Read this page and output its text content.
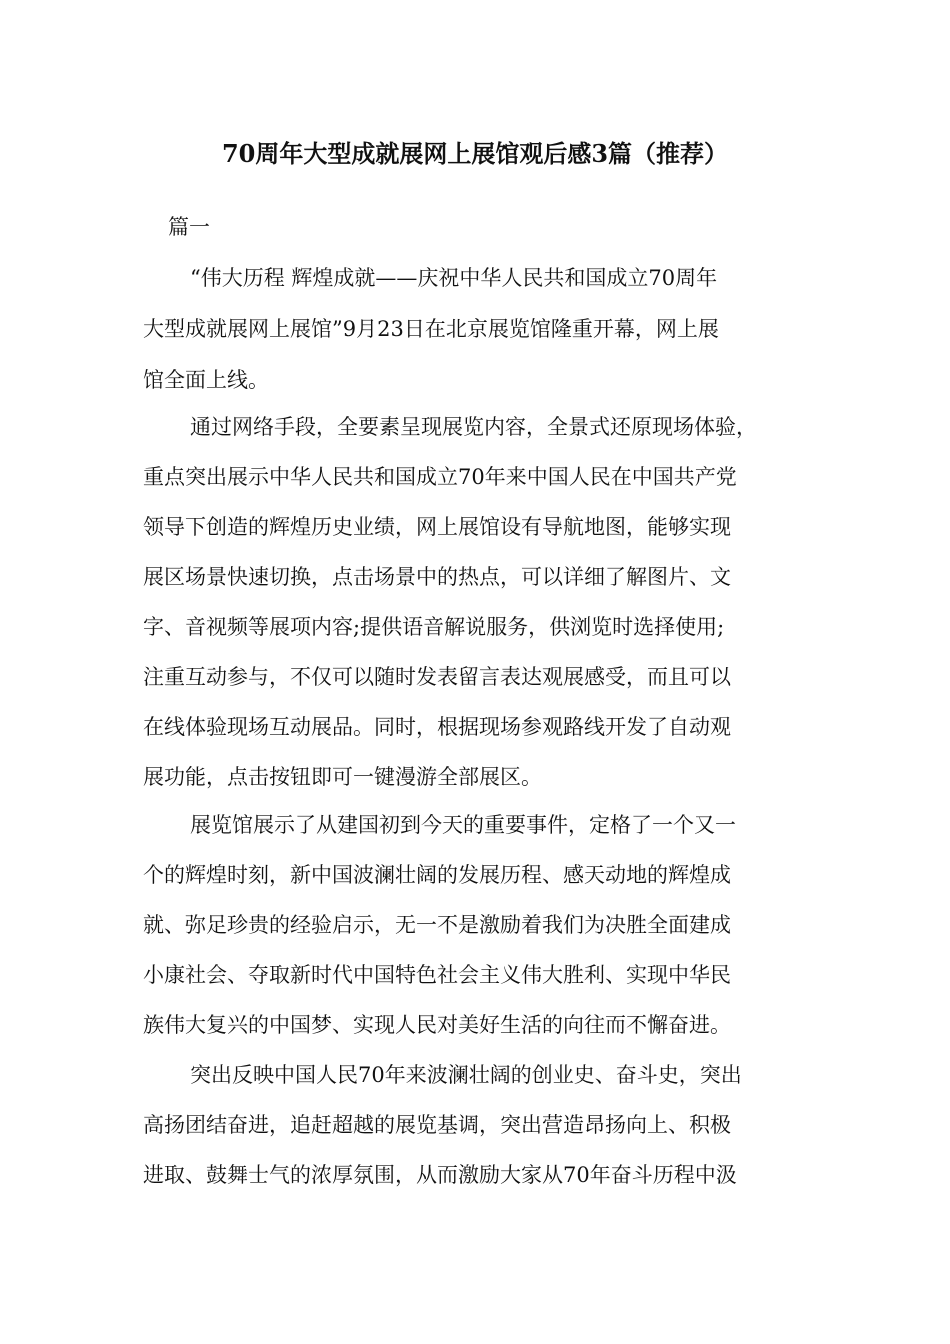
70周年大型成就展网上展馆观后感3篇（推荐）
篇一
“伟大历程 辉煌成就——庆祝中华人民共和国成立70周年
大型成就展网上展馆”9月23日在北京展览馆隆重开幕，网上展
馆全面上线。
通过网络手段，全要素呈现展览内容，全景式还原现场体验，
重点突出展示中华人民共和国成立70年来中国人民在中国共产党
领导下创造的辉煌历史业绩，网上展馆设有导航地图，能够实现
展区场景快速切换，点击场景中的热点，可以详细了解图片、文
字、音视频等展项内容;提供语音解说服务，供浏览时选择使用;
注重互动参与，不仅可以随时发表留言表达观展感受，而且可以
在线体验现场互动展品。同时，根据现场参观路线开发了自动观
展功能，点击按钮即可一键漫游全部展区。
展览馆展示了从建国初到今天的重要事件，定格了一个又一
个的辉煌时刻，新中国波澜壮阔的发展历程、感天动地的辉煌成
就、弥足珍贵的经验启示，无一不是激励着我们为决胜全面建成
小康社会、夺取新时代中国特色社会主义伟大胜利、实现中华民
族伟大复兴的中国梦、实现人民对美好生活的向往而不懈奋进。
突出反映中国人民70年来波澜壮阔的创业史、奋斗史，突出
高扬团结奋进，追赶超越的展览基调，突出营造昂扬向上、积极
进取、鼓舞士气的浓厚氛围，从而激励大家从70年奋斗历程中汲
